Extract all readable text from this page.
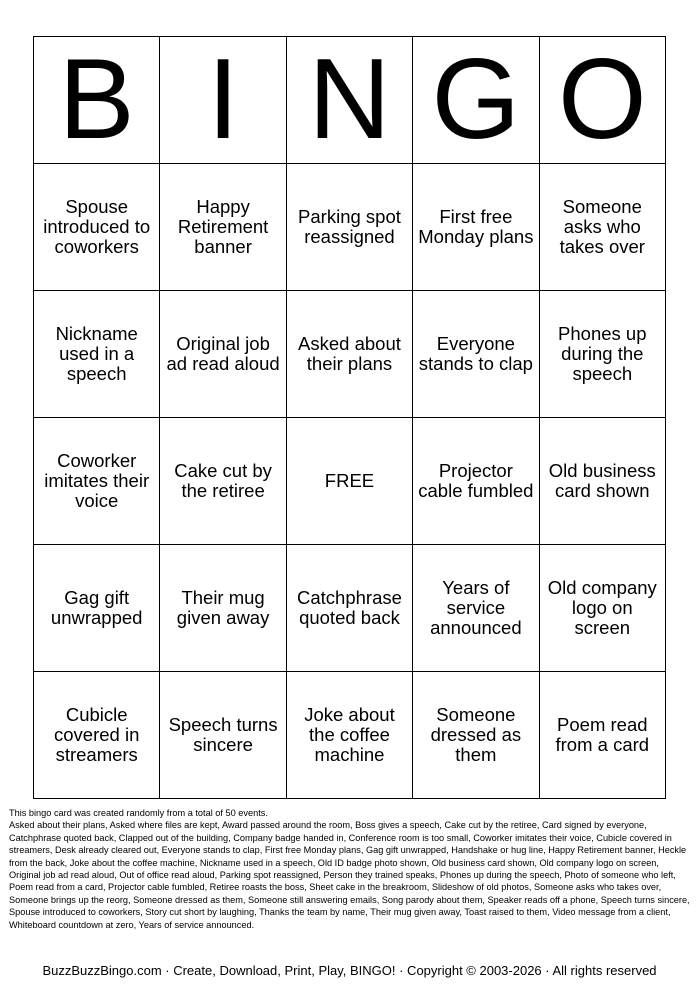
B	I	N	G	O
Spouse introduced to coworkers	Happy Retirement banner	Parking spot reassigned	First free Monday plans	Someone asks who takes over
Nickname used in a speech	Original job ad read aloud	Asked about their plans	Everyone stands to clap	Phones up during the speech
Coworker imitates their voice	Cake cut by the retiree	FREE	Projector cable fumbled	Old business card shown
Gag gift unwrapped	Their mug given away	Catchphrase quoted back	Years of service announced	Old company logo on screen
Cubicle covered in streamers	Speech turns sincere	Joke about the coffee machine	Someone dressed as them	Poem read from a card

This bingo card was created randomly from a total of 50 events.

Asked about their plans, Asked where files are kept, Award passed around the room, Boss gives a speech, Cake cut by the retiree, Card signed by everyone, Catchphrase quoted back, Clapped out of the building, Company badge handed in, Conference room is too small, Coworker imitates their voice, Cubicle covered in streamers, Desk already cleared out, Everyone stands to clap, First free Monday plans, Gag gift unwrapped, Handshake or hug line, Happy Retirement banner, Heckle from the back, Joke about the coffee machine, Nickname used in a speech, Old ID badge photo shown, Old business card shown, Old company logo on screen, Original job ad read aloud, Out of office read aloud, Parking spot reassigned, Person they trained speaks, Phones up during the speech, Photo of someone who left, Poem read from a card, Projector cable fumbled, Retiree roasts the boss, Sheet cake in the breakroom, Slideshow of old photos, Someone asks who takes over, Someone brings up the reorg, Someone dressed as them, Someone still answering emails, Song parody about them, Speaker reads off a phone, Speech turns sincere, Spouse introduced to coworkers, Story cut short by laughing, Thanks the team by name, Their mug given away, Toast raised to them, Video message from a client, Whiteboard countdown at zero, Years of service announced.

BuzzBuzzBingo.com · Create, Download, Print, Play, BINGO! · Copyright © 2003-2026 · All rights reserved
